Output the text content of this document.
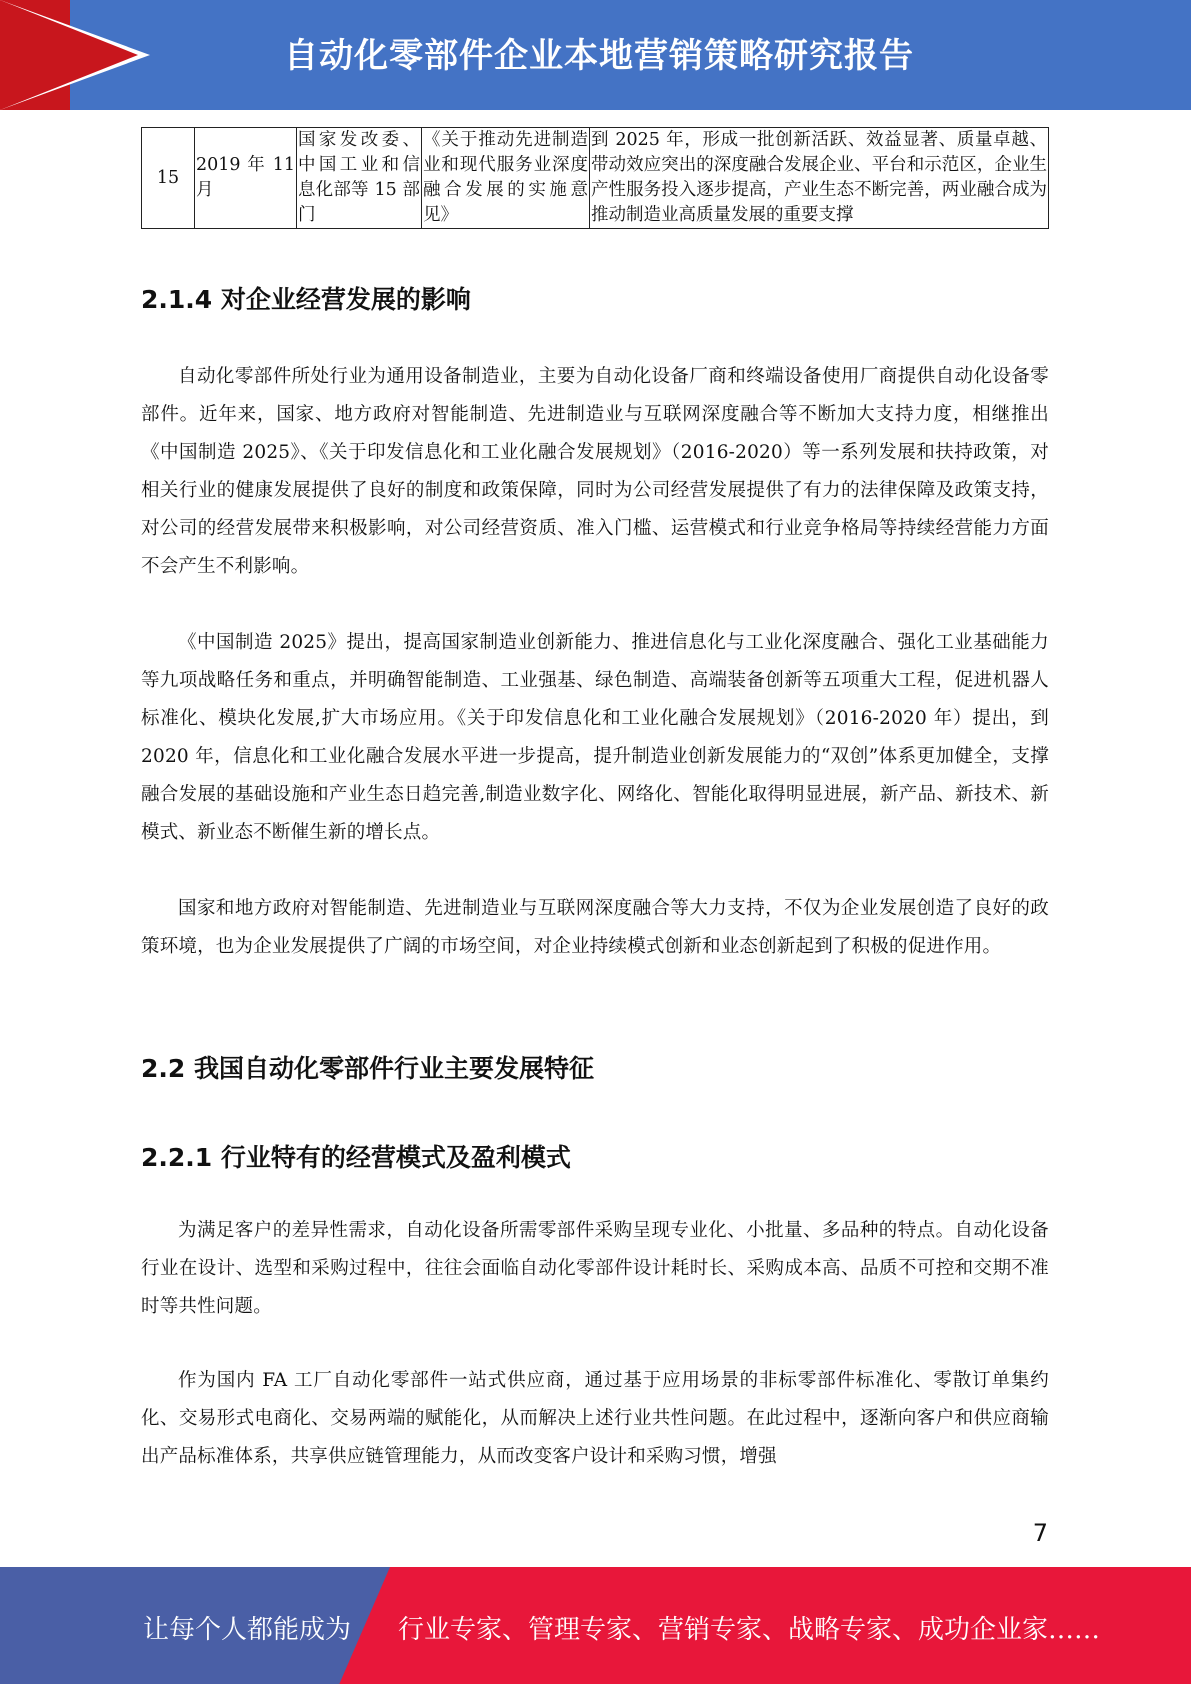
自动化零部件企业本地营销策略研究报告
15	2019 年 11 月	国家发改委、中国工业和信息化部等 15 部门	《关于推动先进制造业和现代服务业深度融合发展的实施意见》	到 2025 年，形成一批创新活跃、效益显著、质量卓越、带动效应突出的深度融合发展企业、平台和示范区，企业生产性服务投入逐步提高，产业生态不断完善，两业融合成为推动制造业高质量发展的重要支撑
2.1.4 对企业经营发展的影响

自动化零部件所处行业为通用设备制造业，主要为自动化设备厂商和终端设备使用厂商提供自动化设备零部件。近年来，国家、地方政府对智能制造、先进制造业与互联网深度融合等不断加大支持力度，相继推出《中国制造 2025》、《关于印发信息化和工业化融合发展规划》（2016-2020）等一系列发展和扶持政策，对相关行业的健康发展提供了良好的制度和政策保障，同时为公司经营发展提供了有力的法律保障及政策支持，对公司的经营发展带来积极影响，对公司经营资质、准入门槛、运营模式和行业竞争格局等持续经营能力方面不会产生不利影响。

《中国制造 2025》提出，提高国家制造业创新能力、推进信息化与工业化深度融合、强化工业基础能力等九项战略任务和重点，并明确智能制造、工业强基、绿色制造、高端装备创新等五项重大工程，促进机器人标准化、模块化发展,扩大市场应用。《关于印发信息化和工业化融合发展规划》（2016-2020 年）提出，到 2020 年，信息化和工业化融合发展水平进一步提高，提升制造业创新发展能力的“双创”体系更加健全，支撑融合发展的基础设施和产业生态日趋完善,制造业数字化、网络化、智能化取得明显进展，新产品、新技术、新模式、新业态不断催生新的增长点。

国家和地方政府对智能制造、先进制造业与互联网深度融合等大力支持，不仅为企业发展创造了良好的政策环境，也为企业发展提供了广阔的市场空间，对企业持续模式创新和业态创新起到了积极的促进作用。

2.2 我国自动化零部件行业主要发展特征
2.2.1 行业特有的经营模式及盈利模式

为满足客户的差异性需求，自动化设备所需零部件采购呈现专业化、小批量、多品种的特点。自动化设备行业在设计、选型和采购过程中，往往会面临自动化零部件设计耗时长、采购成本高、品质不可控和交期不准时等共性问题。

作为国内 FA 工厂自动化零部件一站式供应商，通过基于应用场景的非标零部件标准化、零散订单集约化、交易形式电商化、交易两端的赋能化，从而解决上述行业共性问题。在此过程中，逐渐向客户和供应商输出产品标准体系，共享供应链管理能力，从而改变客户设计和采购习惯，增强

7
让每个人都能成为 行业专家、管理专家、营销专家、战略专家、成功企业家……
